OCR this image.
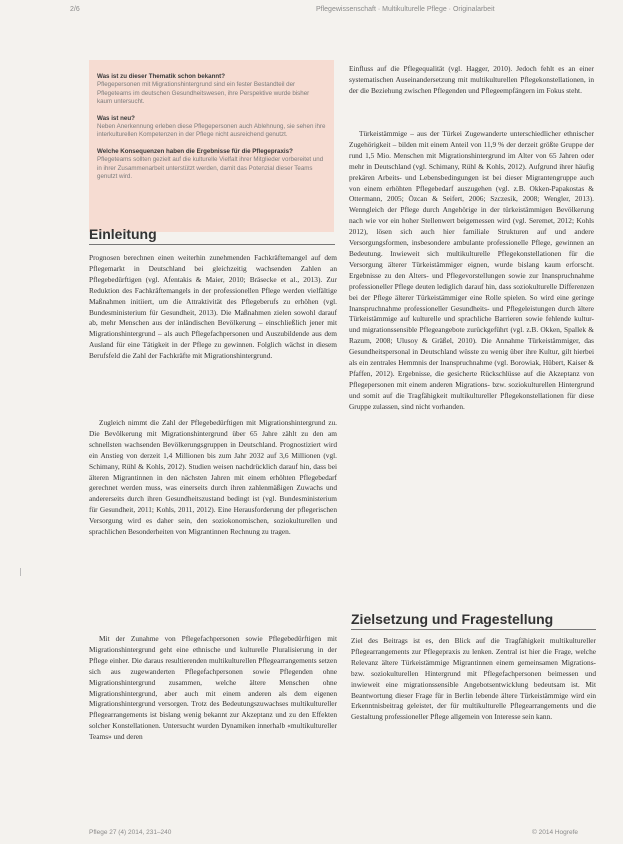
2/6	Pflegewissenschaft · Multikulturelle Pflege · Originalarbeit
Was ist zu dieser Thematik schon bekannt?
Pflegepersonen mit Migrationshintergrund sind ein fester Bestandteil der Pflegeteams im deutschen Gesundheitswesen, ihre Perspektive wurde bisher kaum untersucht.
Was ist neu?
Neben Anerkennung erleben diese Pflegepersonen auch Ablehnung, sie sehen ihre interkulturellen Kompetenzen in der Pflege nicht ausreichend genutzt.
Welche Konsequenzen haben die Ergebnisse für die Pflegepraxis?
Pflegeteams sollten gezielt auf die kulturelle Vielfalt ihrer Mitglieder vorbereitet und in ihrer Zusammenarbeit unterstützt werden, damit das Potenzial dieser Teams genutzt wird.
Einleitung
Prognosen berechnen einen weiterhin zunehmenden Fachkräftemangel auf dem Pflegemarkt in Deutschland bei gleichzeitig wachsenden Zahlen an Pflegebedürftigen (vgl. Afentakis & Maier, 2010; Bräsecke et al., 2013). Zur Reduktion des Fachkräftemangels in der professionellen Pflege werden vielfältige Maßnahmen initiiert, um die Attraktivität des Pflegeberufs zu erhöhen (vgl. Bundesministerium für Gesundheit, 2013). Die Maßnahmen zielen sowohl darauf ab, mehr Menschen aus der inländischen Bevölkerung – einschließlich jener mit Migrationshintergrund – als auch Pflegefachpersonen und Auszubildende aus dem Ausland für eine Tätigkeit in der Pflege zu gewinnen. Folglich wächst in diesem Berufsfeld die Zahl der Fachkräfte mit Migrationshintergrund.
Zugleich nimmt die Zahl der Pflegebedürftigen mit Migrationshintergrund zu. Die Bevölkerung mit Migrationshintergrund über 65 Jahre zählt zu den am schnellsten wachsenden Bevölkerungsgruppen in Deutschland. Prognostiziert wird ein Anstieg von derzeit 1,4 Millionen bis zum Jahr 2032 auf 3,6 Millionen (vgl. Schimany, Rühl & Kohls, 2012). Studien weisen nachdrücklich darauf hin, dass bei älteren Migrantinnen in den nächsten Jahren mit einem erhöhten Pflegebedarf gerechnet werden muss, was einerseits durch ihren zahlenmäßigen Zuwachs und andererseits durch ihren Gesundheitszustand bedingt ist (vgl. Bundesministerium für Gesundheit, 2011; Kohls, 2011, 2012). Eine Herausforderung der pflegerischen Versorgung wird es daher sein, den soziokonomischen, soziokulturellen und sprachlichen Besonderheiten von Migrantinnen Rechnung zu tragen.
Mit der Zunahme von Pflegefachpersonen sowie Pflegebedürftigen mit Migrationshintergrund geht eine ethnische und kulturelle Pluralisierung in der Pflege einher. Die daraus resultierenden multikulturellen Pflegearrangements setzen sich aus zugewanderten Pflegefachpersonen sowie Pflegenden ohne Migrationshintergrund zusammen, welche ältere Menschen ohne Migrationshintergrund, aber auch mit einem anderen als dem eigenen Migrationshintergrund versorgen. Trotz des Bedeutungszuwachses multikultureller Pflegearrangements ist bislang wenig bekannt zur Akzeptanz und zu den Effekten solcher Konstellationen. Untersucht wurden Dynamiken innerhalb «multikultureller Teams» und deren
Einfluss auf die Pflegequalität (vgl. Hagger, 2010). Jedoch fehlt es an einer systematischen Auseinandersetzung mit multikulturellen Pflegekonstellationen, in der die Beziehung zwischen Pflegenden und Pflegeempfängern im Fokus steht.
Türkeistämmige – aus der Türkei Zugewanderte unterschiedlicher ethnischer Zugehörigkeit – bilden mit einem Anteil von 11,9 % der derzeit größte Gruppe der rund 1,5 Mio. Menschen mit Migrationshintergrund im Alter von 65 Jahren oder mehr in Deutschland (vgl. Schimany, Rühl & Kohls, 2012). Aufgrund ihrer häufig prekären Arbeits- und Lebensbedingungen ist bei dieser Migrantengruppe auch von einem erhöhten Pflegebedarf auszugehen (vgl. z.B. Okken-Papakostas & Ottermann, 2005; Özcan & Seifert, 2006; Szczesik, 2008; Wengler, 2013). Wenngleich der Pflege durch Angehörige in der türkeistämmigen Bevölkerung nach wie vor ein hoher Stellenwert beigemessen wird (vgl. Seremet, 2012; Kohls 2012), lösen sich auch hier familiale Strukturen auf und andere Versorgungsformen, insbesondere ambulante professionelle Pflege, gewinnen an Bedeutung. Inwieweit sich multikulturelle Pflegekonstellationen für die Versorgung älterer Türkeistämmiger eignen, wurde bislang kaum erforscht. Ergebnisse zu den Alters- und Pflegevorstellungen sowie zur Inanspruchnahme professioneller Pflege deuten lediglich darauf hin, dass soziokulturelle Differenzen bei der Pflege älterer Türkeistämmiger eine Rolle spielen. So wird eine geringe Inanspruchnahme professioneller Gesundheits- und Pflegeleistungen durch ältere Türkeistämmige auf kulturelle und sprachliche Barrieren sowie fehlende kultur- und migrationssensible Pflegeangebote zurückgeführt (vgl. z.B. Okken, Spallek & Razum, 2008; Ulusoy & Gräßel, 2010). Die Annahme Türkeistämmiger, das Gesundheitspersonal in Deutschland wüsste zu wenig über ihre Kultur, gilt hierbei als ein zentrales Hemmnis der Inanspruchnahme (vgl. Borowiak, Hübert, Kaiser & Pfaffen, 2012). Ergebnisse, die gesicherte Rückschlüsse auf die Akzeptanz von Pflegepersonen mit einem anderen Migrations- bzw. soziokulturellen Hintergrund und somit auf die Tragfähigkeit multikultureller Pflegekonstellationen für diese Gruppe zulassen, sind nicht vorhanden.
Zielsetzung und Fragestellung
Ziel des Beitrags ist es, den Blick auf die Tragfähigkeit multikultureller Pflegearrangements zur Pflegepraxis zu lenken. Zentral ist hier die Frage, welche Relevanz ältere Türkeistämmige Migrantinnen einem gemeinsamen Migrations- bzw. soziokulturellen Hintergrund mit Pflegefachpersonen beimessen und inwieweit eine migrationssensible Angebotsentwicklung bedeutsam ist. Mit Beantwortung dieser Frage für in Berlin lebende ältere Türkeistämmige wird ein Erkenntnisbeitrag geleistet, der für multikulturelle Pflegearrangements und die Gestaltung professioneller Pflege allgemein von Interesse sein kann.
Pflege 27 (4) 2014, 231–240	© 2014 Hogrefe
